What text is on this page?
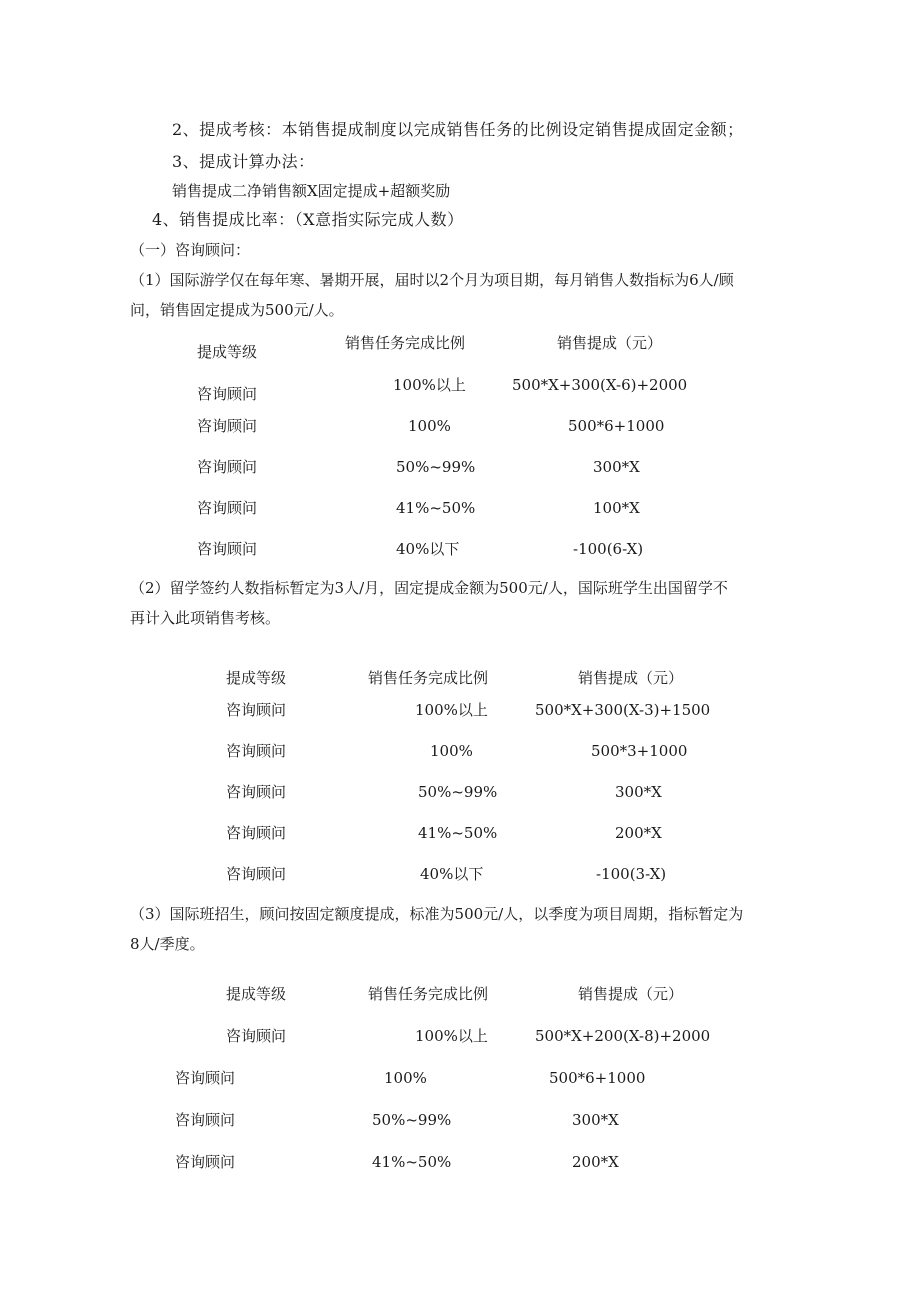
2、提成考核：本销售提成制度以完成销售任务的比例设定销售提成固定金额；
3、提成计算办法：
销售提成二净销售额X固定提成+超额奖励
4、销售提成比率：（X意指实际完成人数）
（一）咨询顾问：
（1）国际游学仅在每年寒、暑期开展，届时以2个月为项目期，每月销售人数指标为6人/顾
问，销售固定提成为500元/人。
提成等级	销售任务完成比例	销售提成（元）
咨询顾问	100%以上	500*X+300(X-6)+2000
咨询顾问	100%	500*6+1000
咨询顾问	50%~99%	300*X
咨询顾问	41%~50%	100*X
咨询顾问	40%以下	-100(6-X)
（2）留学签约人数指标暂定为3人/月，固定提成金额为500元/人，国际班学生出国留学不
再计入此项销售考核。
提成等级	销售任务完成比例	销售提成（元）
咨询顾问	100%以上	500*X+300(X-3)+1500
咨询顾问	100%	500*3+1000
咨询顾问	50%~99%	300*X
咨询顾问	41%~50%	200*X
咨询顾问	40%以下	-100(3-X)
（3）国际班招生，顾问按固定额度提成，标准为500元/人，以季度为项目周期，指标暂定为
8人/季度。
提成等级	销售任务完成比例	销售提成（元）
咨询顾问	100%以上	500*X+200(X-8)+2000
咨询顾问	100%	500*6+1000
咨询顾问	50%~99%	300*X
咨询顾问	41%~50%	200*X
